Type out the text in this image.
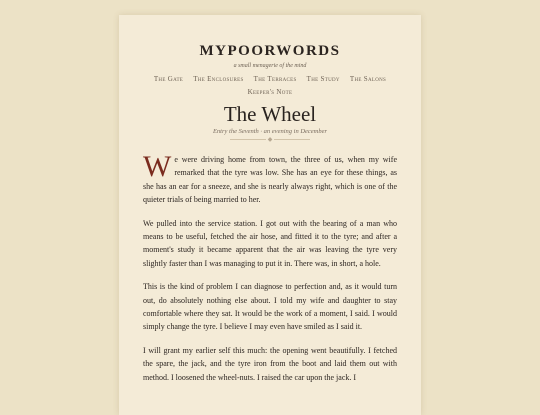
MYPOORWORDS
a small menagerie of the mind
The Gate The Enclosures The Terraces The Study The Salons
Keeper's Note
The Wheel
Entry the Seventh · an evening in December
◆

We were driving home from town, the three of us, when my wife remarked that the tyre was low. She has an eye for these things, as she has an ear for a sneeze, and she is nearly always right, which is one of the quieter trials of being married to her.

We pulled into the service station. I got out with the bearing of a man who means to be useful, fetched the air hose, and fitted it to the tyre; and after a moment's study it became apparent that the air was leaving the tyre very slightly faster than I was managing to put it in. There was, in short, a hole.

This is the kind of problem I can diagnose to perfection and, as it would turn out, do absolutely nothing else about. I told my wife and daughter to stay comfortable where they sat. It would be the work of a moment, I said. I would simply change the tyre. I believe I may even have smiled as I said it.

I will grant my earlier self this much: the opening went beautifully. I fetched the spare, the jack, and the tyre iron from the boot and laid them out with method. I loosened the wheel-nuts. I raised the car upon the jack. I
